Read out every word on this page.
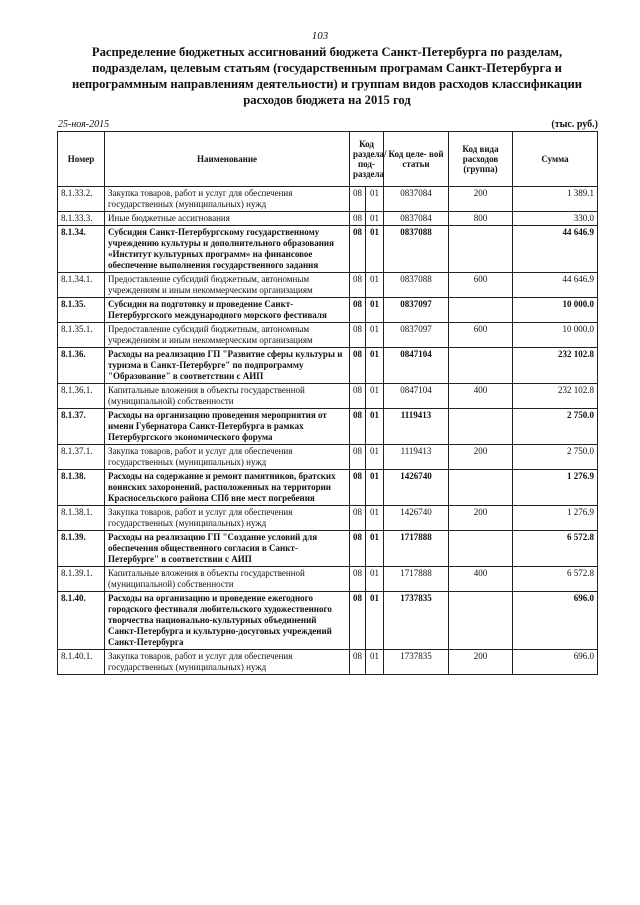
103
Распределение бюджетных ассигнований бюджета Санкт-Петербурга по разделам, подразделам, целевым статьям (государственным програмам Санкт-Петербурга и непрограммным направлениям деятельности) и группам видов расходов классификации расходов бюджета на 2015 год
25-ноя-2015	(тыс. руб.)
Номер	Наименование	Код раздела/ под- раздела		Код целе- вой статьи	Код вида расходов (группа)	Сумма
8.1.33.2.	Закупка товаров, работ и услуг для обеспечения государственных (муниципальных) нужд	08	01	0837084	200	1 389.1
8.1.33.3.	Иные бюджетные ассигнования	08	01	0837084	800	330.0
8.1.34.	Субсидия Санкт-Петербургскому государственному учреждению культуры и дополнительного образования «Институт культурных программ» на финансовое обеспечение выполнения государственного задания	08	01	0837088		44 646.9
8.1.34.1.	Предоставление субсидий бюджетным, автономным учреждениям и иным некоммерческим организациям	08	01	0837088	600	44 646.9
8.1.35.	Субсидия на подготовку и проведение Санкт-Петербургского международного морского фестиваля	08	01	0837097		10 000.0
8.1.35.1.	Предоставление субсидий бюджетным, автономным учреждениям и иным некоммерческим организациям	08	01	0837097	600	10 000.0
8.1.36.	Расходы на реализацию ГП "Развитие сферы культуры и туризма в Санкт-Петербурге" по подпрограмму "Образование" в соответствии с АИП	08	01	0847104		232 102.8
8.1.36.1.	Капитальные вложения в объекты государственной (муниципальной) собственности	08	01	0847104	400	232 102.8
8.1.37.	Расходы на организацию проведения мероприятия от имени Губернатора Санкт-Петербурга в рамках Петербургского экономического форума	08	01	1119413		2 750.0
8.1.37.1.	Закупка товаров, работ и услуг для обеспечения государственных (муниципальных) нужд	08	01	1119413	200	2 750.0
8.1.38.	Расходы на содержание и ремонт памятников, братских воинских захоронений, расположенных на территории Красносельского района СПб вне мест погребения	08	01	1426740		1 276.9
8.1.38.1.	Закупка товаров, работ и услуг для обеспечения государственных (муниципальных) нужд	08	01	1426740	200	1 276.9
8.1.39.	Расходы на реализацию ГП "Создание условий для обеспечения общественного согласия в Санкт-Петербурге" в соответствии с АИП	08	01	1717888		6 572.8
8.1.39.1.	Капитальные вложения в объекты государственной (муниципальной) собственности	08	01	1717888	400	6 572.8
8.1.40.	Расходы на организацию и проведение ежегодного городского фестиваля любительского художественного творчества национально-культурных объединений Санкт-Петербурга и культурно-досуговых учреждений Санкт-Петербурга	08	01	1737835		696.0
8.1.40.1.	Закупка товаров, работ и услуг для обеспечения государственных (муниципальных) нужд	08	01	1737835	200	696.0
